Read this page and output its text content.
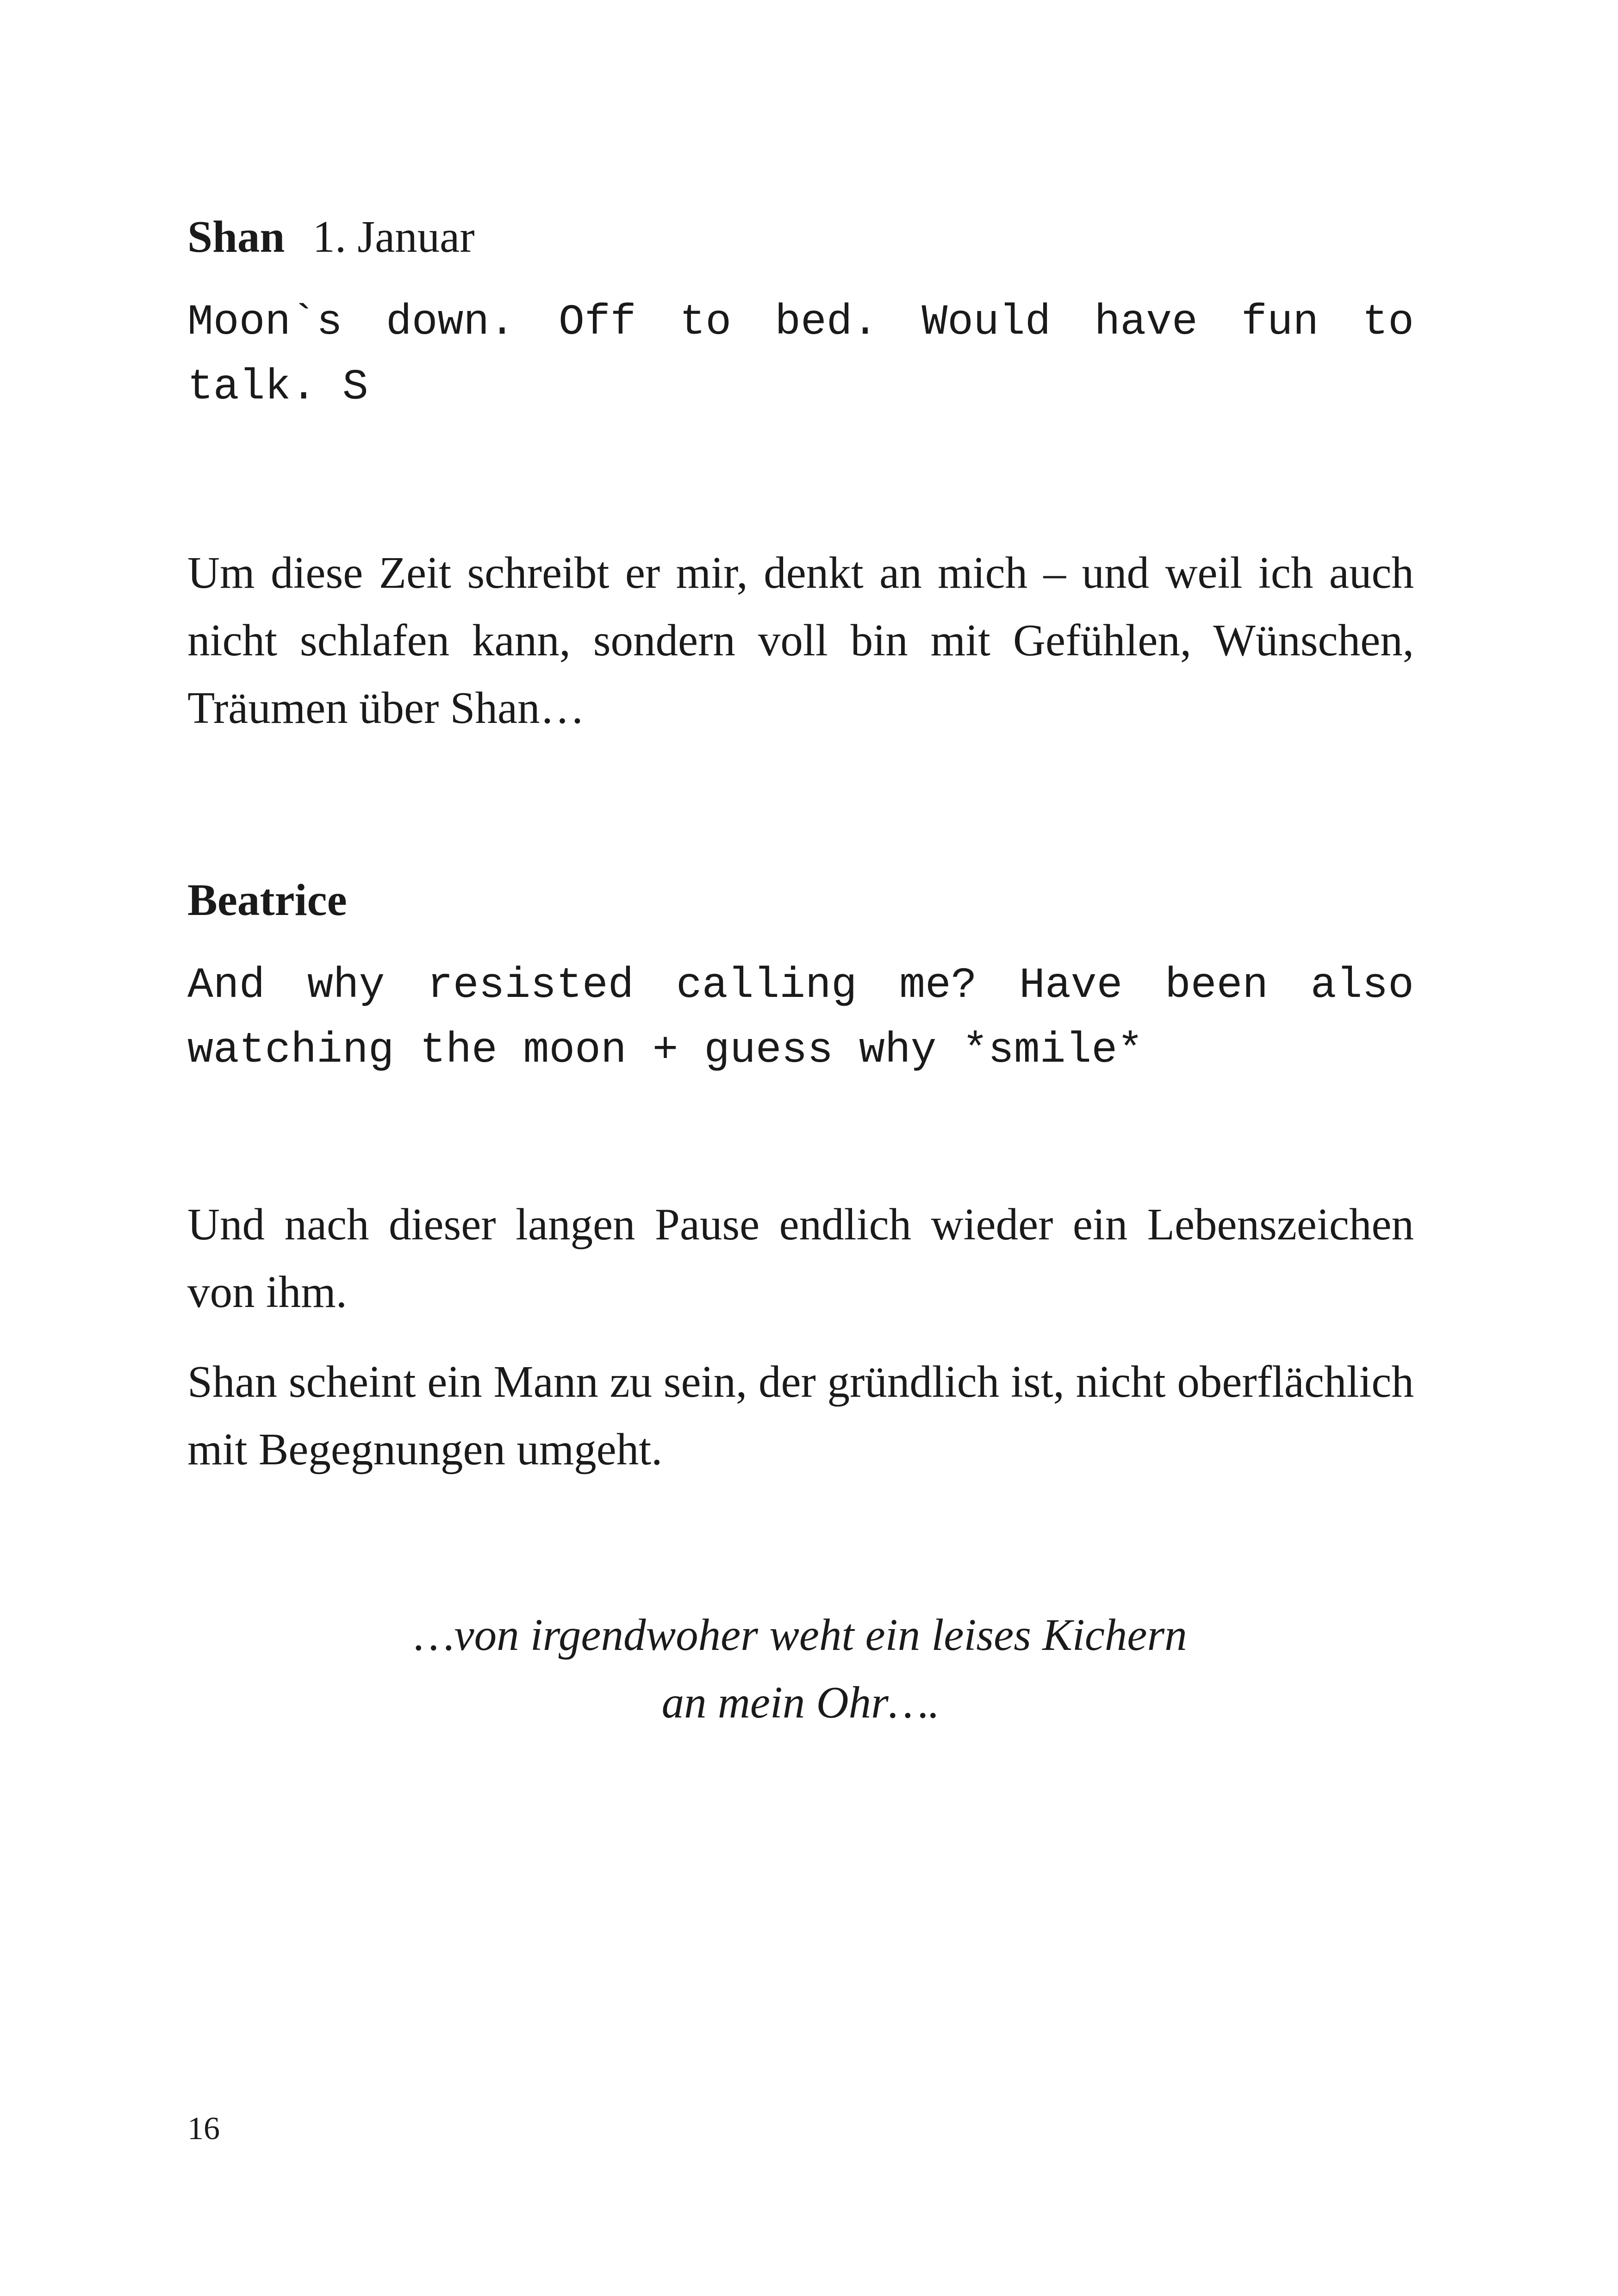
Shan 1. Januar

Moon`s down. Off to bed. Would have fun to talk. S

Um diese Zeit schreibt er mir, denkt an mich – und weil ich auch nicht schlafen kann, sondern voll bin mit Gefühlen, Wünschen, Träumen über Shan…

Beatrice

And why resisted calling me? Have been also watching the moon + guess why *smile*

Und nach dieser langen Pause endlich wieder ein Lebenszeichen von ihm.

Shan scheint ein Mann zu sein, der gründlich ist, nicht oberflächlich mit Begegnungen umgeht.

…von irgendwoher weht ein leises Kichern
an mein Ohr….
16
